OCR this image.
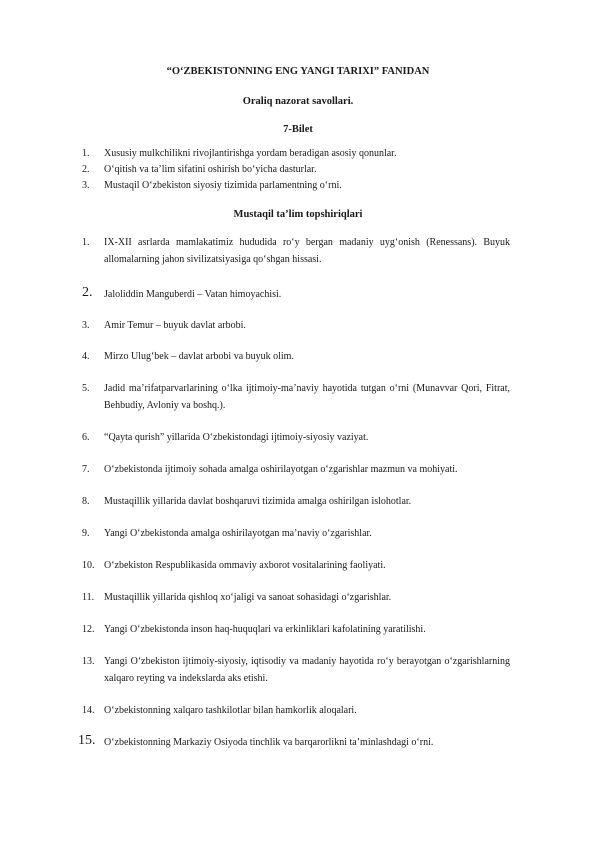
“O‘ZBEKISTONNING ENG YANGI TARIXI” FANIDAN
Oraliq nazorat savollari.
7-Bilet
1. Xususiy mulkchilikni rivojlantirishga yordam beradigan asosiy qonunlar.
2. O‘qitish va ta’lim sifatini oshirish bo‘yicha dasturlar.
3. Mustaqil O‘zbekiston siyosiy tizimida parlamentning o‘rni.
Mustaqil ta’lim topshiriqlari
1. IX-XII asrlarda mamlakatimiz hududida ro‘y bergan madaniy uyg‘onish (Renessans). Buyuk allomalarning jahon sivilizatsiyasiga qo‘shgan hissasi.
2. Jaloliddin Manguberdi – Vatan himoyachisi.
3. Amir Temur – buyuk davlat arbobi.
4. Mirzo Ulug‘bek – davlat arbobi va buyuk olim.
5. Jadid ma’rifatparvarlarining o‘lka ijtimoiy-ma’naviy hayotida tutgan o‘rni (Munavvar Qori, Fitrat, Behbudiy, Avloniy va boshq.).
6. “Qayta qurish” yillarida O‘zbekistondagi ijtimoiy-siyosiy vaziyat.
7. O‘zbekistonda ijtimoiy sohada amalga oshirilayotgan o‘zgarishlar mazmun va mohiyati.
8. Mustaqillik yillarida davlat boshqaruvi tizimida amalga oshirilgan islohotlar.
9. Yangi O‘zbekistonda amalga oshirilayotgan ma’naviy o‘zgarishlar.
10. O‘zbekiston Respublikasida ommaviy axborot vositalarining faoliyati.
11. Mustaqillik yillarida qishloq xo‘jaligi va sanoat sohasidagi o‘zgarishlar.
12. Yangi O‘zbekistonda inson haq-huquqlari va erkinliklari kafolatining yaratilishi.
13. Yangi O‘zbekiston ijtimoiy-siyosiy, iqtisodiy va madaniy hayotida ro‘y berayotgan o‘zgarishlarning xalqaro reyting va indekslarda aks etishi.
14. O‘zbekistonning xalqaro tashkilotlar bilan hamkorlik aloqalari.
15. O‘zbekistonning Markaziy Osiyoda tinchlik va barqarorlikni ta’minlashdagi o‘rni.
